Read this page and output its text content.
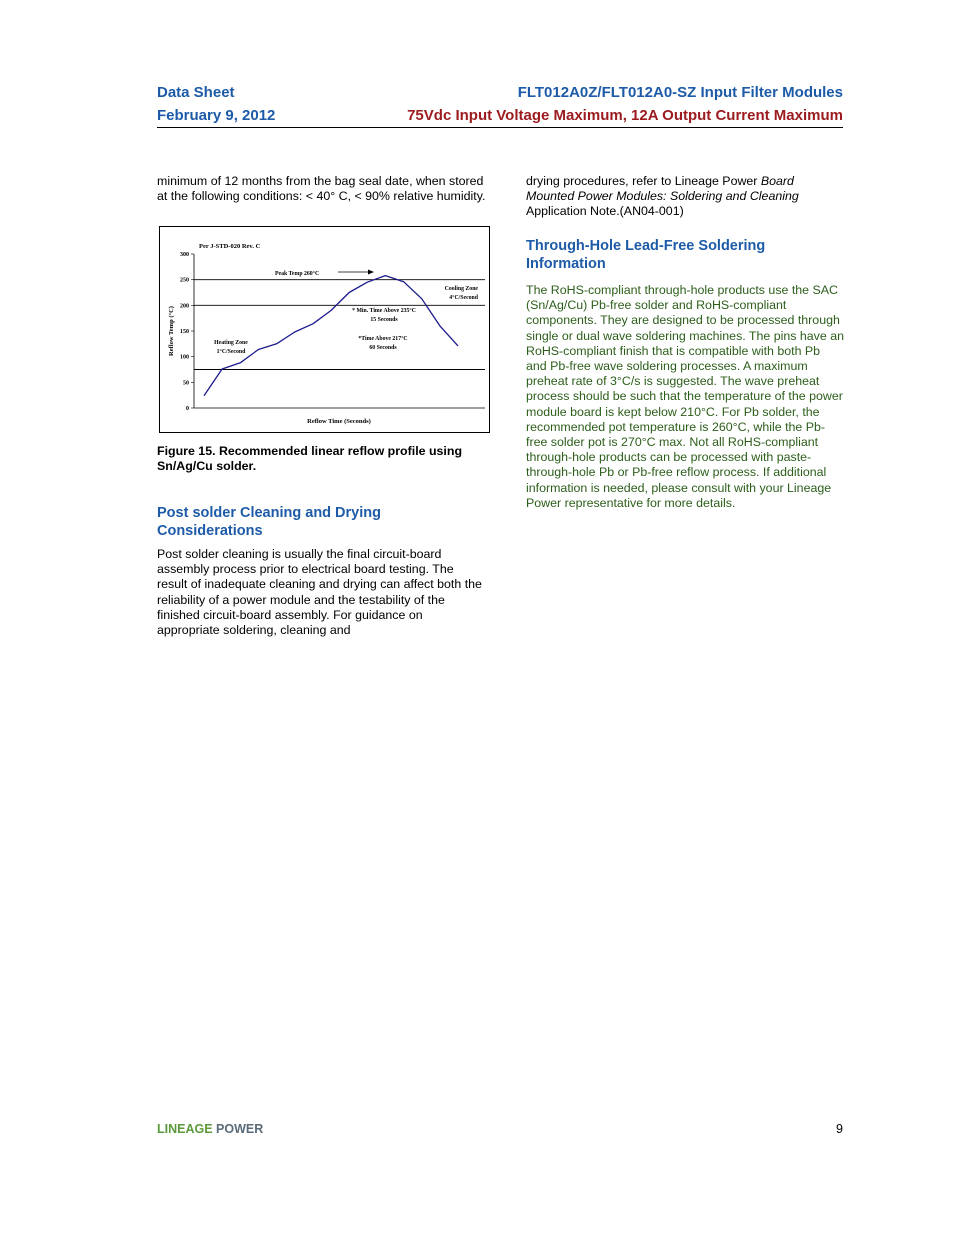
Data Sheet
February 9, 2012
FLT012A0Z/FLT012A0-SZ Input Filter Modules
75Vdc Input Voltage Maximum, 12A Output Current Maximum

minimum of 12 months from the bag seal date, when stored at the following conditions: < 40° C, < 90% relative humidity.

0
50
100
150
200
250
300
Per J-STD-020 Rev. C
Reflow Temp (°C)
Reflow Time (Seconds)
Peak Temp 260°C
Cooling Zone
4°C/Second
* Min. Time Above 235°C
15 Seconds
*Time Above 217°C
60 Seconds
Heating Zone
1°C/Second

Figure 15. Recommended linear reflow profile using Sn/Ag/Cu solder.

Post solder Cleaning and Drying Considerations

Post solder cleaning is usually the final circuit-board assembly process prior to electrical board testing. The result of inadequate cleaning and drying can affect both the reliability of a power module and the testability of the finished circuit-board assembly. For guidance on appropriate soldering, cleaning and

drying procedures, refer to Lineage Power Board Mounted Power Modules: Soldering and Cleaning Application Note.(AN04-001)

Through-Hole Lead-Free Soldering Information

The RoHS-compliant through-hole products use the SAC (Sn/Ag/Cu) Pb-free solder and RoHS-compliant components. They are designed to be processed through single or dual wave soldering machines. The pins have an RoHS-compliant finish that is compatible with both Pb and Pb-free wave soldering processes. A maximum preheat rate of 3°C/s is suggested. The wave preheat process should be such that the temperature of the power module board is kept below 210°C. For Pb solder, the recommended pot temperature is 260°C, while the Pb-free solder pot is 270°C max. Not all RoHS-compliant through-hole products can be processed with paste-through-hole Pb or Pb-free reflow process. If additional information is needed, please consult with your Lineage Power representative for more details.

LINEAGE POWER	9
